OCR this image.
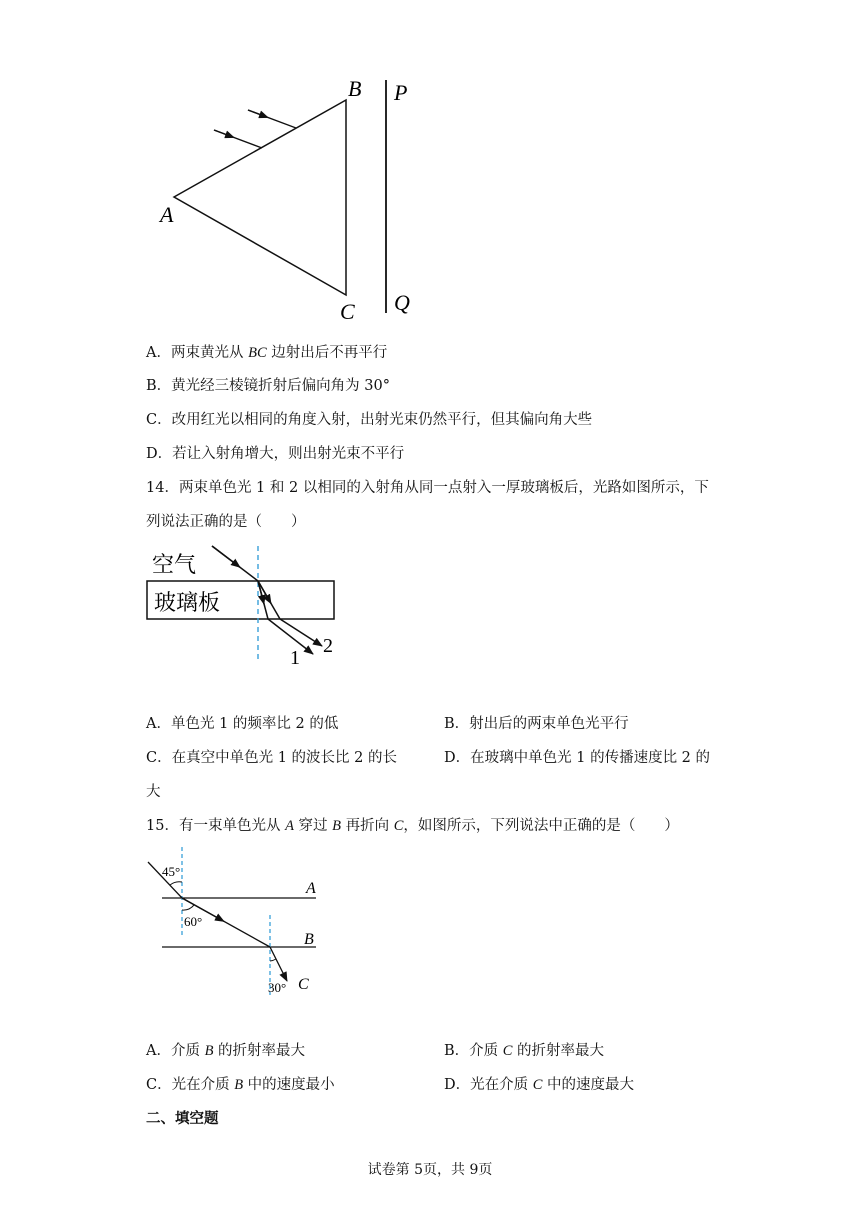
A
B
C
P
Q
A．两束黄光从 BC 边射出后不再平行
B．黄光经三棱镜折射后偏向角为 30°
C．改用红光以相同的角度入射，出射光束仍然平行，但其偏向角大些
D．若让入射角增大，则出射光束不平行
14．两束单色光 1 和 2 以相同的入射角从同一点射入一厚玻璃板后，光路如图所示，下
列说法正确的是（　　）
空气
玻璃板
1
2
A．单色光 1 的频率比 2 的低	B．射出后的两束单色光平行
C．在真空中单色光 1 的波长比 2 的长	D．在玻璃中单色光 1 的传播速度比 2 的
大
15．有一束单色光从 A 穿过 B 再折向 C，如图所示，下列说法中正确的是（　　）
45°
60°
30°
A
B
C
A．介质 B 的折射率最大	B．介质 C 的折射率最大
C．光在介质 B 中的速度最小	D．光在介质 C 中的速度最大
二、填空题
试卷第 5页，共 9页
